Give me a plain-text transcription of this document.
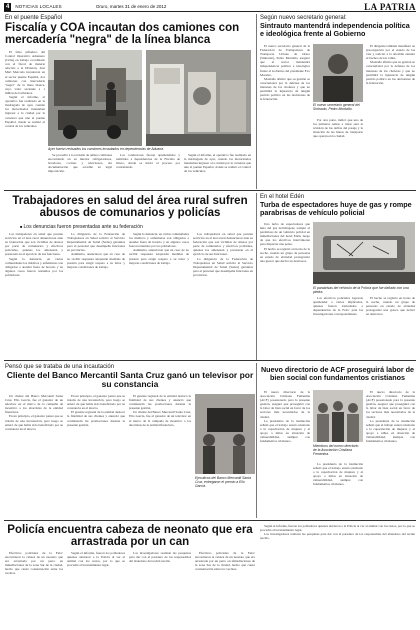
4	NOTICIAS LOCALES	Oruro, martes 31 de enero de 2012	LA PATRIA
En el puente Español
Fiscalía y COA incautan dos camiones con mercadería "negra" de la línea blanca

El falso pifiadero del Control Operativo Aduanero (COA) en trabajo coordinado con el fiscal de materia adscrito a la División, José Mari Mercado incautaron en el sector puente Español, dos camiones con mercadería "negra" de la línea blanca, cuyo valor asciende a 1 millón de bolivianos.

Según el informe, el operativo fue realizado en la madrugada de ayer, cuando los motorizados intentaban ingresar a la ciudad por la carretera que une al puente Español, donde se realizó el control de los vehículos.

Ayer fueron revisados los camiones incautados en dependencias de Aduana.

Se procedió a la revisión de ambos camiones encontrando en su interior refrigeradores, lavadoras, cocinas y televisores, sin documentación que acredite su legal importación.

Los conductores fueron aprehendidos y remitidos a dependencias de la Fiscalía de Oruro, donde se inició el proceso por contrabando.

Según el informe, el operativo fue realizado en la madrugada de ayer, cuando los motorizados intentaban ingresar a la ciudad por la carretera que une al puente Español, donde se realizó el control de los vehículos.

Según nuevo secretario general:
Sintrauto mantendrá independencia política e ideológica frente al Gobierno

El nuevo secretario general de la Federación de Trabajadores de Transporte Urbano de Oruro (Sintrauto), Pedro Montaño, aseguró que el sector mantendrá independencia política e ideológica frente al Gobierno del presidente Evo Morales.

Montaño afirmó que su gestión se caracterizará por la defensa de los intereses de los choferes y que no permitirá la injerencia de ningún partido político en las decisiones de la federación.

El nuevo secretario general del Sintrauto, Pedro Montaño.

Por otra parte, indicó que uno de los primeros temas a tratar será la revisión de las tarifas del pasaje y la situación de las líneas de transporte que operan en la ciudad.

El dirigente también manifestó su preocupación por el estado de las vías y solicitó a la Alcaldía atender el bacheo de las calles.

Montaño afirmó que su gestión se caracterizará por la defensa de los intereses de los choferes y que no permitirá la injerencia de ningún partido político en las decisiones de la federación.

Trabajadores en salud del área rural sufren abusos de comunarios y policías
■ Los denuncias fueron presentadas ante su federación

Los trabajadores en salud que prestan servicios en el área rural denunciaron ante su federación que son víctimas de abusos por parte de comunarios y efectivos policiales, quienes los amenazan y presionan en el ejercicio de sus funciones.

Según la denuncia, en varias comunidades los médicos y enfermeras son obligados a atender fuera de horario y en algunos casos fueron retenidos por los pobladores.

La dirigencia de la Federación de Trabajadores en Salud solicitó al Servicio Departamental de Salud (Sedes) garantías para el personal que desempeña funciones en provincias.

Asimismo, anunciaron que en caso de no recibir respuesta adoptarán medidas de presión para exigir respeto a su labor y mejores condiciones de trabajo.

Según la denuncia, en varias comunidades los médicos y enfermeras son obligados a atender fuera de horario y en algunos casos fueron retenidos por los pobladores.

Asimismo, anunciaron que en caso de no recibir respuesta adoptarán medidas de presión para exigir respeto a su labor y mejores condiciones de trabajo.

Los trabajadores en salud que prestan servicios en el área rural denunciaron ante su federación que son víctimas de abusos por parte de comunarios y efectivos policiales, quienes los amenazan y presionan en el ejercicio de sus funciones.

La dirigencia de la Federación de Trabajadores en Salud solicitó al Servicio Departamental de Salud (Sedes) garantías para el personal que desempeña funciones en provincias.

En el hotel Edén
Turba de espectadores huye de gas y rompe parabrisas de vehículo policial

Una turba de espectadores que huía del gas lacrimógeno rompió el parabrisas de un vehículo policial en inmediaciones del hotel Edén, luego de que los efectivos intervinieran para dispersar una pelea.

El hecho se registró en horas de la noche, cuando un grupo de personas en estado de ebriedad protagonizó una gresca que derivó en destrozos.

El parabrisas del vehículo de la Policía que fue dañado con una piedra.

Los efectivos policiales lograron aprehender a varios implicados, quienes fueron trasladados a dependencias de la Felcc para las investigaciones correspondientes.

El hecho se registró en horas de la noche, cuando un grupo de personas en estado de ebriedad protagonizó una gresca que derivó en destrozos.

Pensó que se trataba de una incautación
Cliente del Banco Mercantil Santa Cruz ganó un televisor por su constancia

Un cliente del Banco Mercantil Santa Cruz, Elio García, fue el ganador de un televisor en el marco de la campaña de incentivo a los ahorristas de la entidad financiera.

En un principio, el ganador pensó que se trataba de una incautación, pero luego se enteró de que había sido beneficiado por su constancia en el ahorro.

En un principio, el ganador pensó que se trataba de una incautación, pero luego se enteró de que había sido beneficiado por su constancia en el ahorro.

El gerente regional de la entidad destacó la fidelidad de sus clientes y anunció que continuarán las promociones durante la presente gestión.

El gerente regional de la entidad destacó la fidelidad de sus clientes y anunció que continuarán las promociones durante la presente gestión.

Un cliente del Banco Mercantil Santa Cruz, Elio García, fue el ganador de un televisor en el marco de la campaña de incentivo a los ahorristas de la entidad financiera.

Ejecutivos del Banco Mercantil Santa Cruz, entregaron el premio a Elio García.
Nuevo directorio de ACF proseguirá labor de bien social con fundamentos cristianos

El nuevo directorio de la Asociación Cristiana Femenina (ACF) posesionado para la presente gestión, aseguró que proseguirá con la labor de bien social en favor de los sectores más necesitados de la ciudad.

La presidenta de la institución señaló que el trabajo estará orientado a la capacitación de mujeres y al apoyo a niños en situación de vulnerabilidad, siempre con fundamentos cristianos.

Miembros del nuevo directorio de la Asociación Cristiana Femenina.

La presidenta de la institución señaló que el trabajo estará orientado a la capacitación de mujeres y al apoyo a niños en situación de vulnerabilidad, siempre con fundamentos cristianos.

El nuevo directorio de la Asociación Cristiana Femenina (ACF) posesionado para la presente gestión, aseguró que proseguirá con la labor de bien social en favor de los sectores más necesitados de la ciudad.

La presidenta de la institución señaló que el trabajo estará orientado a la capacitación de mujeres y al apoyo a niños en situación de vulnerabilidad, siempre con fundamentos cristianos.

Policía encuentra cabeza de neonato que era arrastrada por un can

Efectivos policiales de la Felcc encontraron la cabeza de un neonato que era arrastrada por un perro en inmediaciones de la zona Sur de la ciudad, hecho que causó consternación entre los vecinos.

Según el informe, fueron los pobladores quienes alertaron a la Policía al ver al animal con los restos, por lo que se procedió al levantamiento legal.

Los investigadores realizan las pesquisas para dar con el paradero de los responsables del abandono del recién nacido.

Efectivos policiales de la Felcc encontraron la cabeza de un neonato que era arrastrada por un perro en inmediaciones de la zona Sur de la ciudad, hecho que causó consternación entre los vecinos.

Según el informe, fueron los pobladores quienes alertaron a la Policía al ver al animal con los restos, por lo que se procedió al levantamiento legal.

Los investigadores realizan las pesquisas para dar con el paradero de los responsables del abandono del recién nacido.
